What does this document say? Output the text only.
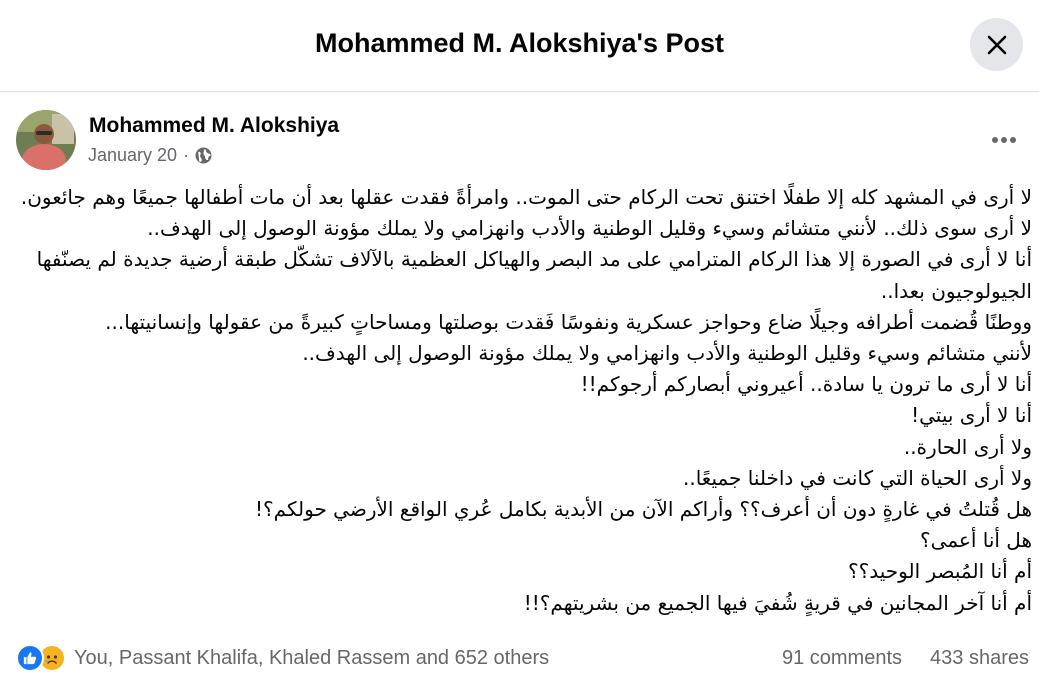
Mohammed M. Alokshiya's Post
Mohammed M. Alokshiya
January 20 ·

لا أرى في المشهد كله إلا طفلًا اختنق تحت الركام حتى الموت.. وامرأةً فقدت عقلها بعد أن مات أطفالها جميعًا وهم جائعون.

لا أرى سوى ذلك.. لأنني متشائم وسيء وقليل الوطنية والأدب وانهزامي ولا يملك مؤونة الوصول إلى الهدف..

أنا لا أرى في الصورة إلا هذا الركام المترامي على مد البصر والهياكل العظمية بالآلاف تشكّل طبقة أرضية جديدة لم يصنّفها الجيولوجيون بعدا..

ووطنًا قُضمت أطرافه وجيلًا ضاع وحواجز عسكرية ونفوسًا فَقدت بوصلتها ومساحاتٍ كبيرةً من عقولها وإنسانيتها...

لأنني متشائم وسيء وقليل الوطنية والأدب وانهزامي ولا يملك مؤونة الوصول إلى الهدف..

أنا لا أرى ما ترون يا سادة.. أعيروني أبصاركم أرجوكم!!

أنا لا أرى بيتي!

ولا أرى الحارة..

ولا أرى الحياة التي كانت في داخلنا جميعًا..

هل قُتلتُ في غارةٍ دون أن أعرف؟؟ وأراكم الآن من الأبدية بكامل عُري الواقع الأرضي حولكم؟!

هل أنا أعمى؟

أم أنا المُبصر الوحيد؟؟

أم أنا آخر المجانين في قريةٍ شُفيَ فيها الجميع من بشريتهم؟!!

You, Passant Khalifa, Khaled Rassem and 652 others	91 comments 433 shares
